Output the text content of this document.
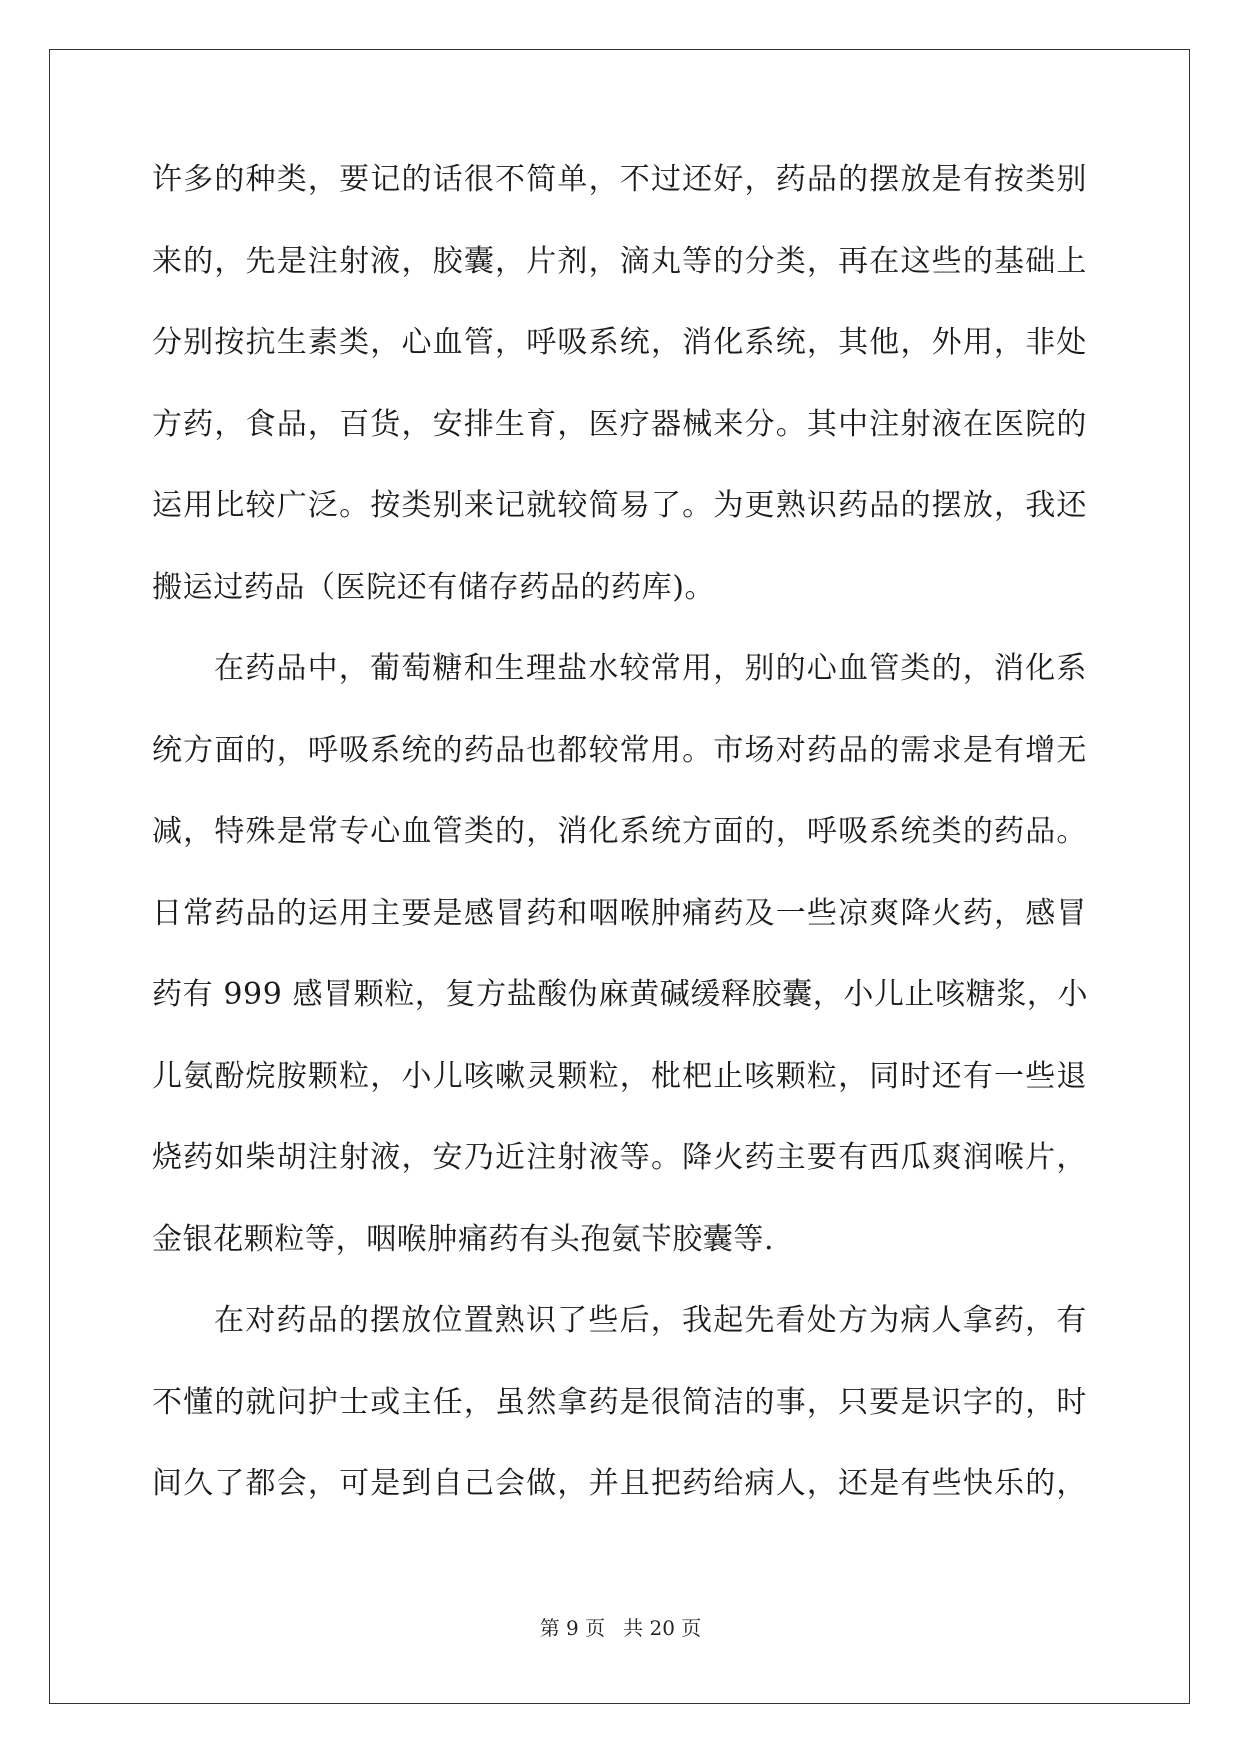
许多的种类，要记的话很不简单，不过还好，药品的摆放是有按类别
来的，先是注射液，胶囊，片剂，滴丸等的分类，再在这些的基础上
分别按抗生素类，心血管，呼吸系统，消化系统，其他，外用，非处
方药，食品，百货，安排生育，医疗器械来分。其中注射液在医院的
运用比较广泛。按类别来记就较简易了。为更熟识药品的摆放，我还
搬运过药品（医院还有储存药品的药库)。
在药品中，葡萄糖和生理盐水较常用，别的心血管类的，消化系
统方面的，呼吸系统的药品也都较常用。市场对药品的需求是有增无
减，特殊是常专心血管类的，消化系统方面的，呼吸系统类的药品。
日常药品的运用主要是感冒药和咽喉肿痛药及一些凉爽降火药，感冒
药有 999 感冒颗粒，复方盐酸伪麻黄碱缓释胶囊，小儿止咳糖浆，小
儿氨酚烷胺颗粒，小儿咳嗽灵颗粒，枇杷止咳颗粒，同时还有一些退
烧药如柴胡注射液，安乃近注射液等。降火药主要有西瓜爽润喉片，
金银花颗粒等，咽喉肿痛药有头孢氨苄胶囊等.
在对药品的摆放位置熟识了些后，我起先看处方为病人拿药，有
不懂的就问护士或主任，虽然拿药是很简洁的事，只要是识字的，时
间久了都会，可是到自己会做，并且把药给病人，还是有些快乐的，
第 9 页 共 20 页
